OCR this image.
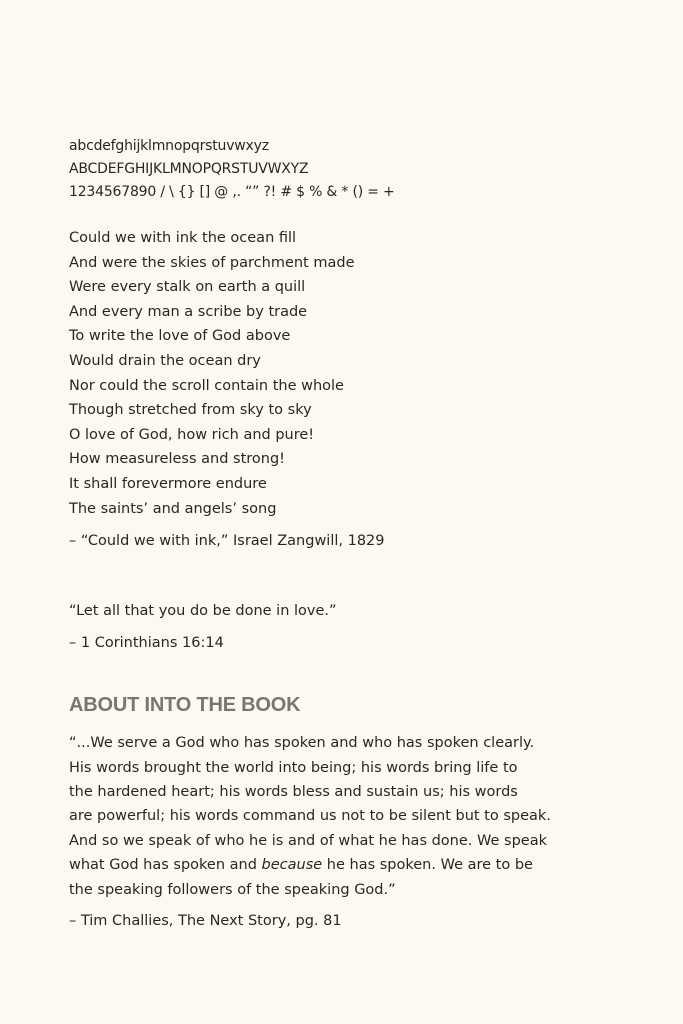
abcdefghijklmnopqrstuvwxyz
ABCDEFGHIJKLMNOPQRSTUVWXYZ
1234567890 / \ {} [] @ ,. “” ?! # $ % & * () = +
Could we with ink the ocean fill
And were the skies of parchment made
Were every stalk on earth a quill
And every man a scribe by trade
To write the love of God above
Would drain the ocean dry
Nor could the scroll contain the whole
Though stretched from sky to sky
O love of God, how rich and pure!
How measureless and strong!
It shall forevermore endure
The saints’ and angels’ song
– “Could we with ink,” Israel Zangwill, 1829
“Let all that you do be done in love.”
– 1 Corinthians 16:14
ABOUT INTO THE BOOK
“...We serve a God who has spoken and who has spoken clearly.
His words brought the world into being; his words bring life to
the hardened heart; his words bless and sustain us; his words
are powerful; his words command us not to be silent but to speak.
And so we speak of who he is and of what he has done. We speak
what God has spoken and because he has spoken. We are to be
the speaking followers of the speaking God.”
– Tim Challies, The Next Story, pg. 81
